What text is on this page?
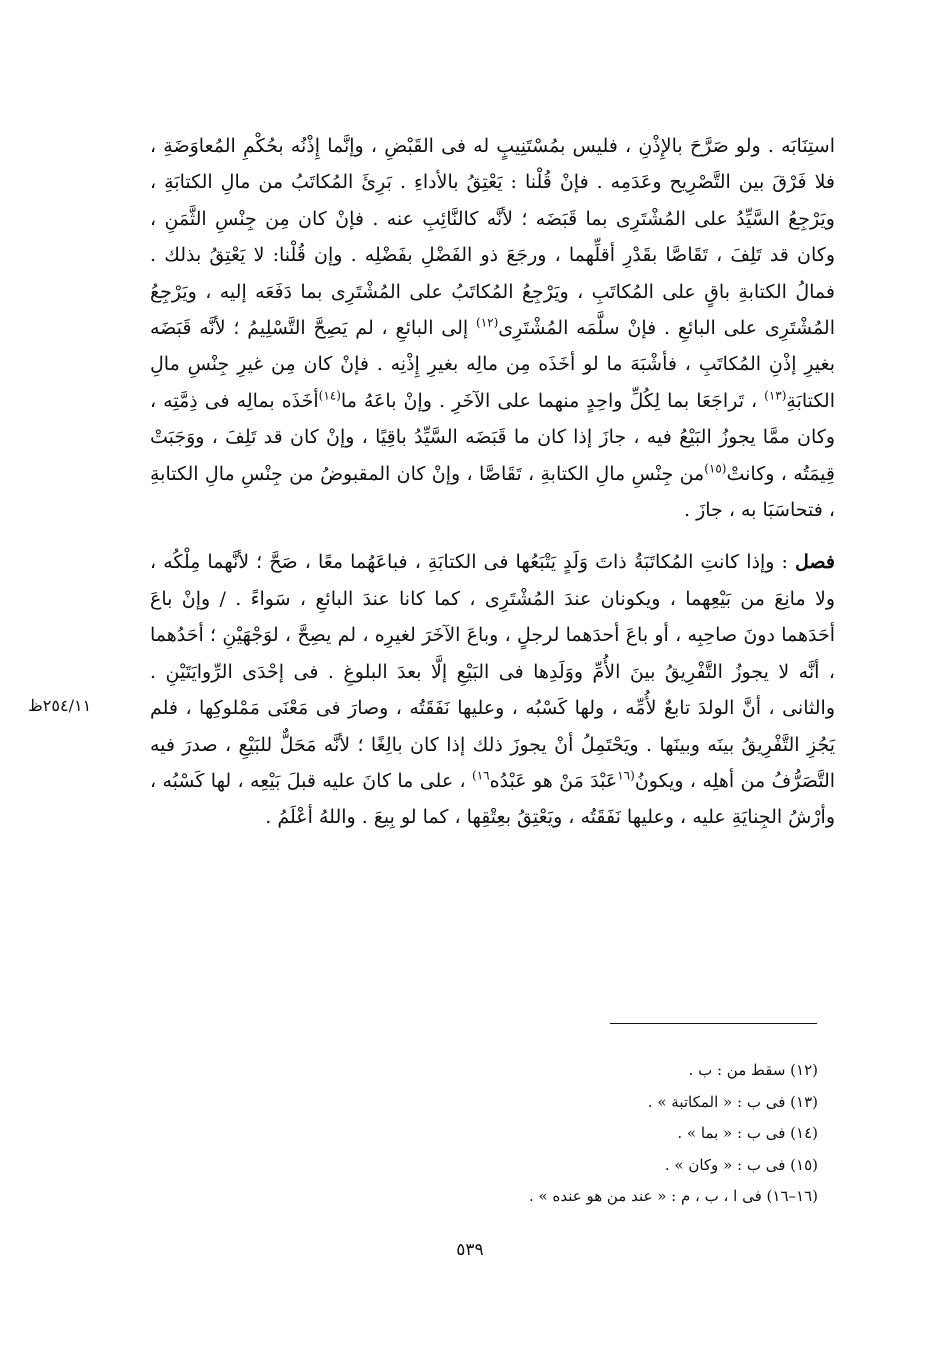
استِنَابَه . ولو صَرَّحَ بالإِذْنِ ، فليس بمُسْتَنِيبٍ له فى القَبْضِ ، وإنَّما إِذْنُه بحُكْمِ المُعاوَضَةِ ، فلا فَرْقَ بين التَّصْرِيح وعَدَمِه . فإنْ قُلْنا : يَعْتِقُ بالأداءِ . بَرِئَ المُكاتَبُ من مالِ الكتابَةِ ، ويَرْجِعُ السَّيِّدُ على المُشْتَرِى بما قَبَضَه ؛ لأنَّه كالنَّائِبِ عنه . فإنْ كان مِن جِنْسِ الثَّمَنِ ، وكان قد تَلِفَ ، تَقَاصَّا بقَدْرِ أقلِّهما ، ورجَعَ ذو الفَضْلِ بفَضْلِه . وإن قُلْنا: لا يَعْتِقُ بذلك . فمالُ الكتابةِ باقٍ على المُكاتَبِ ، ويَرْجِعُ المُكاتَبُ على المُشْتَرِى بما دَفَعَه إليه ، ويَرْجِعُ المُشْتَرِى على البائعِ . فإنْ سلَّمَه المُشْتَرِى$^{(١٢)}$ إلى البائعِ ، لم يَصِحَّ التَّسْلِيمُ ؛ لأنَّه قَبَضَه بغيرِ إذْنِ المُكاتَبِ ، فأشْبَهَ ما لو أخَذَه مِن مالِه بغيرِ إِذْنِه . فإنْ كان مِن غيرِ جِنْسِ مالِ الكتابَةِ$^{(١٣)}$ ، تَراجَعَا بما لِكُلِّ واحِدٍ منهما على الآخَرِ . وإنْ باعَهُ ما$^{(١٤)}$أخَذَه بمالِه فى ذِمَّتِه ، وكان ممَّا يجوزُ البَيْعُ فيه ، جازَ إذا كان ما قَبَضَه السَّيِّدُ باقِيًا ، وإنْ كان قد تَلِفَ ، ووَجَبَتْ قِيمَتُه ، وكانتْ$^{(١٥)}$من جِنْسِ مالِ الكتابةِ ، تَقَاصَّا ، وإنْ كان المقبوضُ من جِنْسِ مالِ الكتابةِ ، فتحاسَبَا به ، جازَ .

فصل : وإذا كانتِ المُكاتَبَةُ ذاتَ وَلَدٍ يَتْبَعُها فى الكتابَةِ ، فباعَهُما معًا ، صَحَّ ؛ لأنَّهما مِلْكُه ، ولا مانِعَ من بَيْعِهما ، ويكونان عندَ المُشْتَرِى ، كما كانا عندَ البائعِ ، سَواءً . / وإنْ باعَ أحَدَهما دونَ صاحِبِه ، أو باعَ أحدَهما لرجلٍ ، وباعَ الآخَرَ لغيرِه ، لم يصِحَّ ، لوَجْهَيْنِ ؛ أحَدُهما ، أنَّه لا يجوزُ التَّفْرِيقُ بينَ الأُمِّ ووَلَدِها فى البَيْعِ إلَّا بعدَ البلوغِ . فى إحْدَى الرِّوايَتَيْنِ . والثانى ، أنَّ الولدَ تابعٌ لأُمِّه ، ولها كَسْبُه ، وعليها نَفَقَتُه ، وصارَ فى مَعْنَى مَمْلوكِها ، فلم يَجُزِ التَّفْرِيقُ بينَه وبينَها . ويَحْتَمِلُ أنْ يجوزَ ذلك إذا كان بالِغًا ؛ لأنَّه مَحَلٌّ للبَيْعِ ، صدرَ فيه التَّصَرُّفُ من أهلِه ، ويكونُ$^{(١٦}$عَبْدَ مَنْ هو عَبْدُه$^{١٦)}$ ، على ما كانَ عليه قبلَ بَيْعِه ، لها كَسْبُه ، وأرْشُ الجِنايَةِ عليه ، وعليها نَفَقَتُه ، ويَعْتِقُ بعِتْقِها ، كما لو بِيعَ . واللهُ أعْلَمُ .

٢٥٤/١١ظ
(١٢) سقط من : ب .
(١٣) فى ب : « المكاتبة » .
(١٤) فى ب : « بما » .
(١٥) فى ب : « وكان » .
(١٦–١٦) فى ا ، ب ، م : « عند من هو عنده » .
٥٣٩
